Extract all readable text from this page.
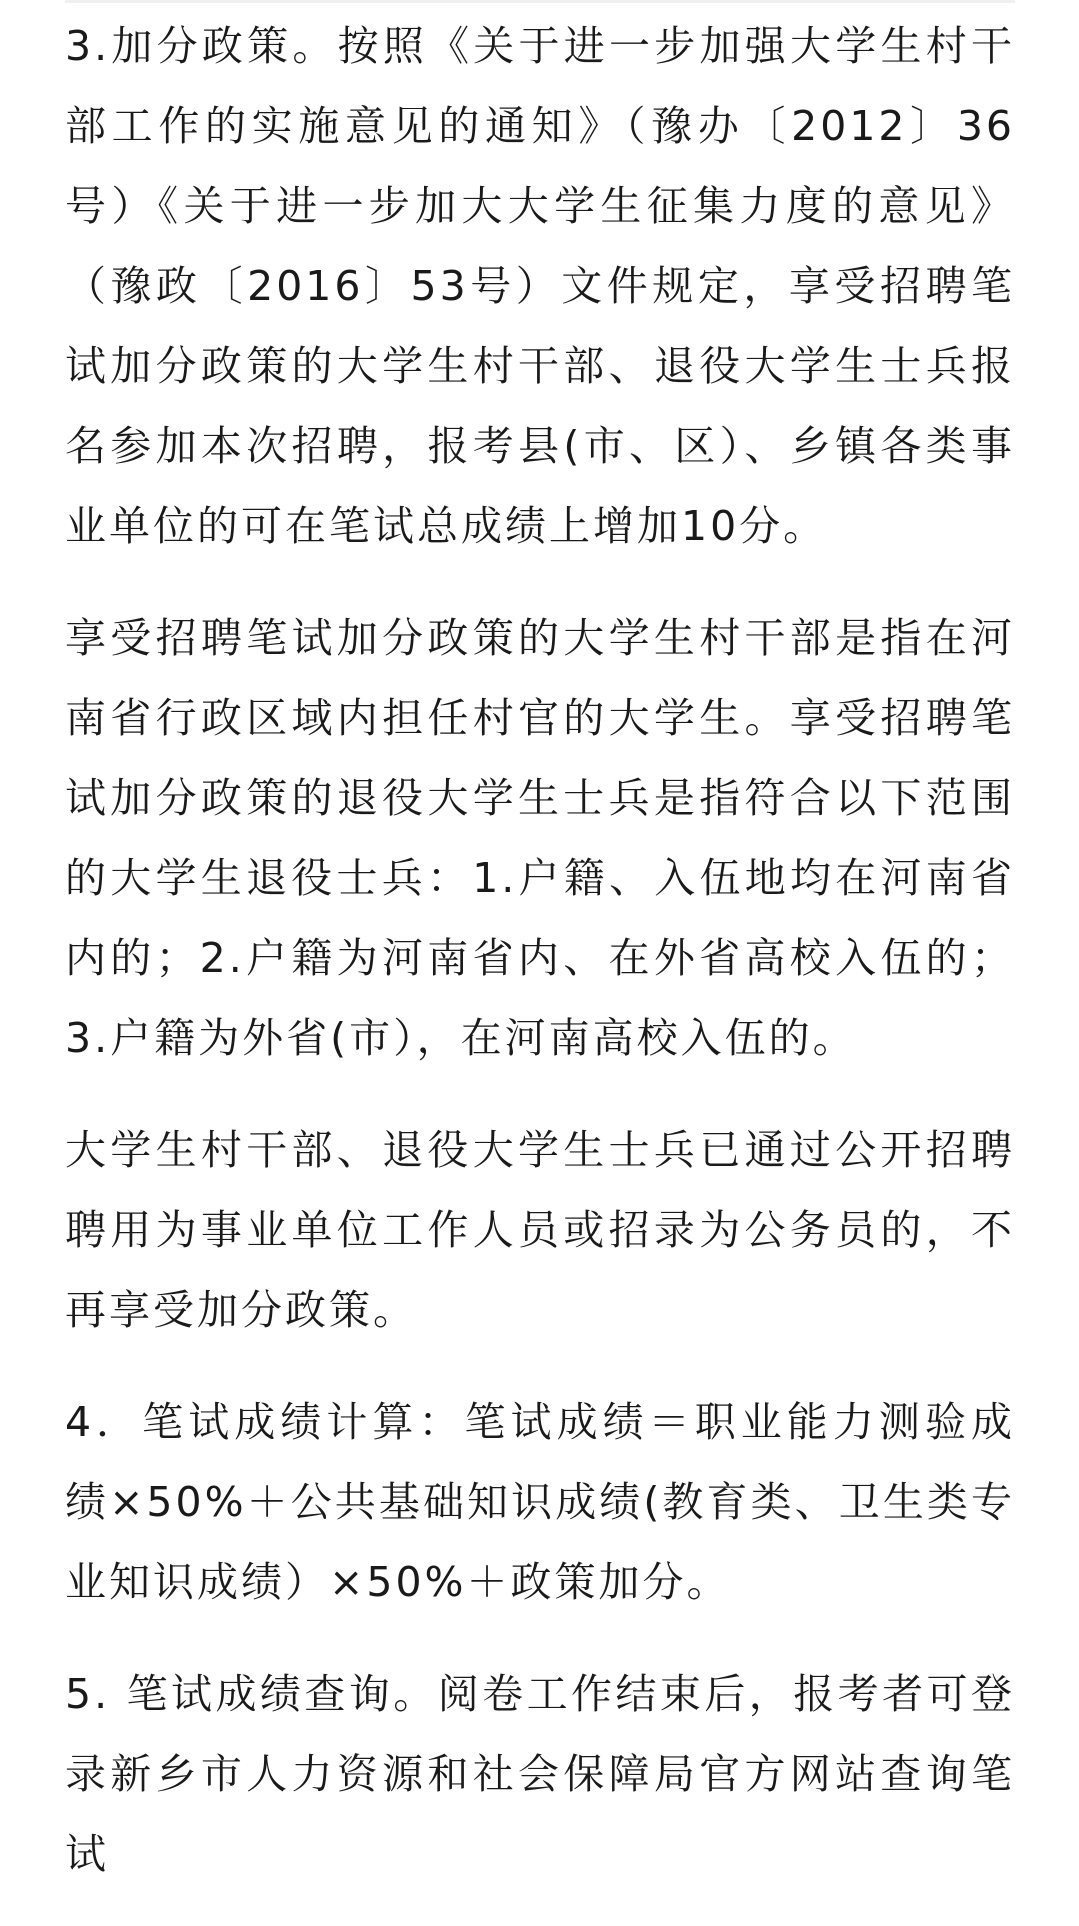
3.加分政策。按照《关于进一步加强大学生村干部工作的实施意见的通知》（豫办〔2012〕36号）《关于进一步加大大学生征集力度的意见》（豫政〔2016〕53号）文件规定，享受招聘笔试加分政策的大学生村干部、退役大学生士兵报名参加本次招聘，报考县(市、区）、乡镇各类事业单位的可在笔试总成绩上增加10分。

享受招聘笔试加分政策的大学生村干部是指在河南省行政区域内担任村官的大学生。享受招聘笔试加分政策的退役大学生士兵是指符合以下范围的大学生退役士兵：1.户籍、入伍地均在河南省内的；2.户籍为河南省内、在外省高校入伍的；3.户籍为外省(市），在河南高校入伍的。

大学生村干部、退役大学生士兵已通过公开招聘聘用为事业单位工作人员或招录为公务员的，不再享受加分政策。

4．笔试成绩计算：笔试成绩＝职业能力测验成绩×50%＋公共基础知识成绩(教育类、卫生类专业知识成绩）×50%＋政策加分。

5. 笔试成绩查询。阅卷工作结束后，报考者可登录新乡市人力资源和社会保障局官方网站查询笔试
